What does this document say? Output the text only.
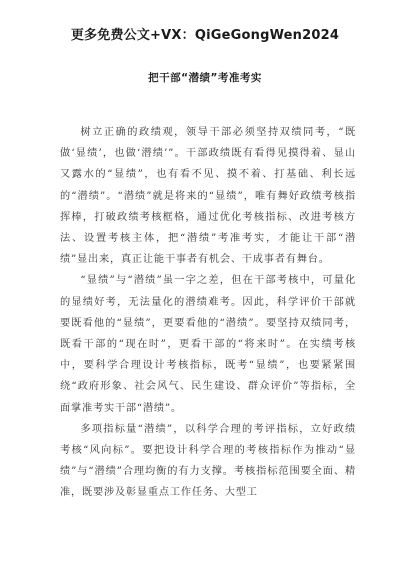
更多免费公文+VX：QiGeGongWen2024
把干部“潜绩”考准考实

树立正确的政绩观，领导干部必须坚持双绩同考，“既做‘显绩’，也做‘潜绩’”。干部政绩既有看得见摸得着、显山又露水的“显绩”，也有看不见、摸不着、打基础、利长远的“潜绩”。“潜绩”就是将来的“显绩”，唯有舞好政绩考核指挥棒，打破政绩考核框格，通过优化考核指标、改进考核方法、设置考核主体，把“潜绩”考准考实，才能让干部“潜绩”显出来，真正让能干事者有机会、干成事者有舞台。

“显绩”与“潜绩”虽一字之差，但在干部考核中，可量化的显绩好考，无法量化的潜绩难考。因此，科学评价干部就要既看他的“显绩”，更要看他的“潜绩”。要坚持双绩同考，既看干部的“现在时”，更看干部的“将来时”。在实绩考核中，要科学合理设计考核指标，既考“显绩”，也要紧紧围绕“政府形象、社会风气、民生建设、群众评价”等指标，全面掌准考实干部“潜绩”。

多项指标量“潜绩”，以科学合理的考评指标，立好政绩考核“风向标”。要把设计科学合理的考核指标作为推动“显绩”与“潜绩”合理均衡的有力支撑。考核指标范围要全面、精准，既要涉及彰显重点工作任务、大型工
